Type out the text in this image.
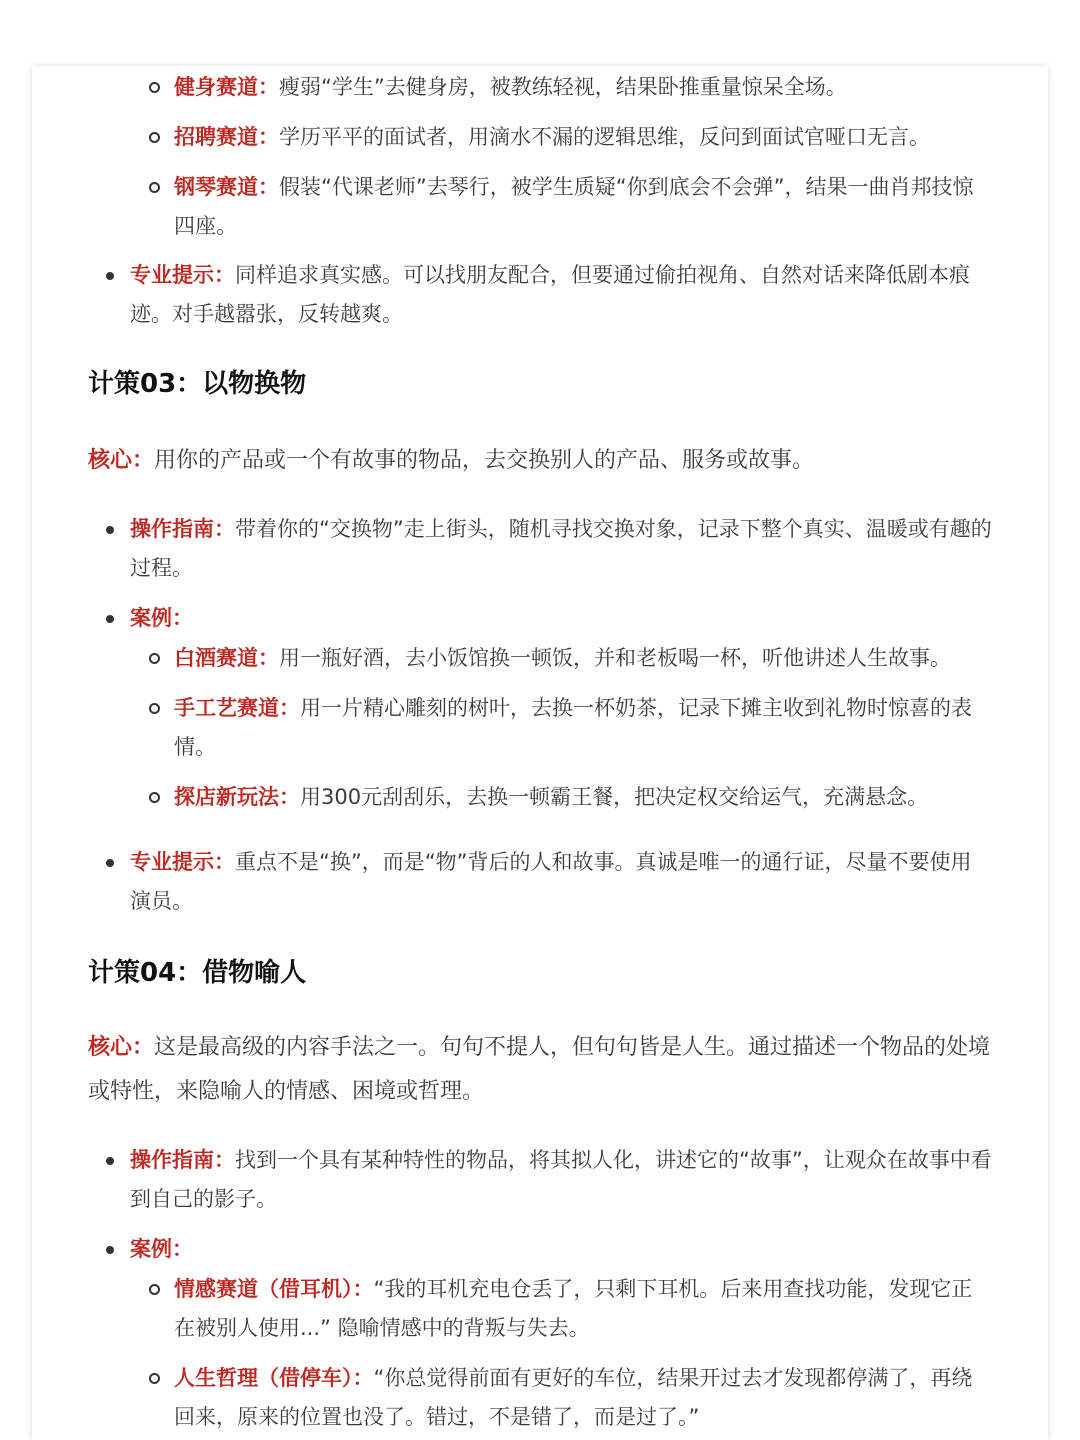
健身赛道：瘦弱“学生”去健身房，被教练轻视，结果卧推重量惊呆全场。

招聘赛道：学历平平的面试者，用滴水不漏的逻辑思维，反问到面试官哑口无言。

钢琴赛道：假装“代课老师”去琴行，被学生质疑“你到底会不会弹”，结果一曲肖邦技惊四座。

专业提示：同样追求真实感。可以找朋友配合，但要通过偷拍视角、自然对话来降低剧本痕迹。对手越嚣张，反转越爽。

计策03：以物换物

核心：用你的产品或一个有故事的物品，去交换别人的产品、服务或故事。

操作指南：带着你的“交换物”走上街头，随机寻找交换对象，记录下整个真实、温暖或有趣的过程。

案例：

白酒赛道：用一瓶好酒，去小饭馆换一顿饭，并和老板喝一杯，听他讲述人生故事。

手工艺赛道：用一片精心雕刻的树叶，去换一杯奶茶，记录下摊主收到礼物时惊喜的表情。

探店新玩法：用300元刮刮乐，去换一顿霸王餐，把决定权交给运气，充满悬念。

专业提示：重点不是“换”，而是“物”背后的人和故事。真诚是唯一的通行证，尽量不要使用演员。

计策04：借物喻人

核心：这是最高级的内容手法之一。句句不提人，但句句皆是人生。通过描述一个物品的处境或特性，来隐喻人的情感、困境或哲理。

操作指南：找到一个具有某种特性的物品，将其拟人化，讲述它的“故事”，让观众在故事中看到自己的影子。

案例：

情感赛道（借耳机）：“我的耳机充电仓丢了，只剩下耳机。后来用查找功能，发现它正在被别人使用...” 隐喻情感中的背叛与失去。

人生哲理（借停车）：“你总觉得前面有更好的车位，结果开过去才发现都停满了，再绕回来，原来的位置也没了。错过，不是错了，而是过了。”
